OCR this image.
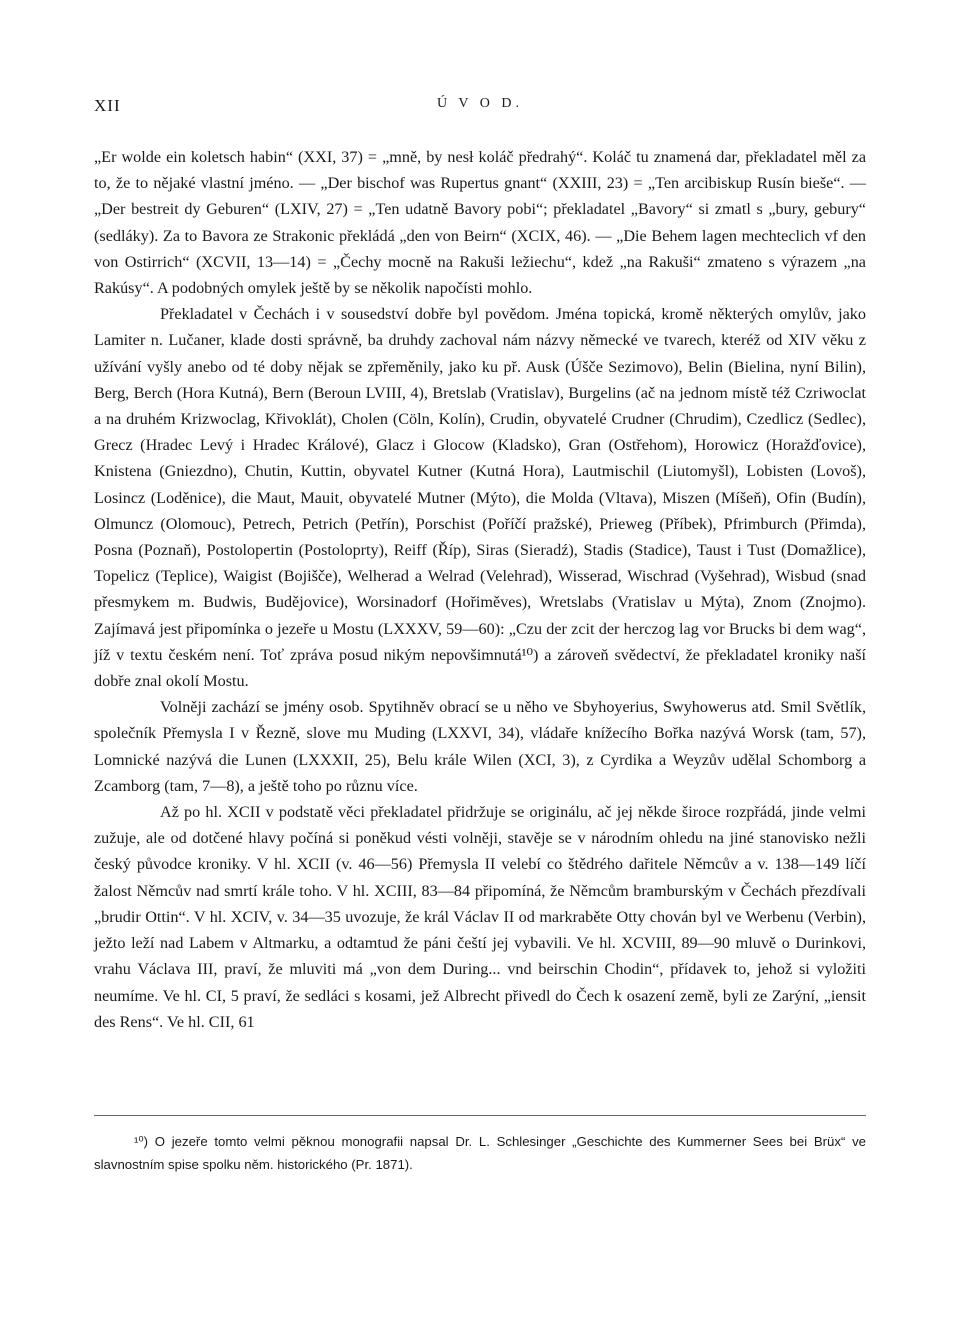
XII	Ú V O D.

„Er wolde ein koletsch habin“ (XXI, 37) = „mně, by nesł koláč předrahý“. Koláč tu znamená dar, překladatel měl za to, že to nějaké vlastní jméno. — „Der bischof was Rupertus gnant“ (XXIII, 23) = „Ten arcibiskup Rusín bieše“. — „Der bestreit dy Geburen“ (LXIV, 27) = „Ten udatně Bavory pobi“; překladatel „Bavory“ si zmatl s „bury, gebury“ (sedláky). Za to Bavora ze Strakonic překládá „den von Beirn“ (XCIX, 46). — „Die Behem lagen mechteclich vf den von Ostirrich“ (XCVII, 13—14) = „Čechy mocně na Rakuši ležiechu“, kdež „na Rakuši“ zmateno s výrazem „na Rakúsy“. A podobných omylek ještě by se několik napočísti mohlo.

Překladatel v Čechách i v sousedství dobře byl povědom. Jména topická, kromě některých omylův, jako Lamiter n. Lučaner, klade dosti správně, ba druhdy zachoval nám názvy německé ve tvarech, kteréž od XIV věku z užívání vyšly anebo od té doby nějak se zpřeměnily, jako ku př. Ausk (Úšče Sezimovo), Belin (Bielina, nyní Bilin), Berg, Berch (Hora Kutná), Bern (Beroun LVIII, 4), Bretslab (Vratislav), Burgelins (ač na jednom místě též Czriwoclat a na druhém Krizwoclag, Křivoklát), Cholen (Cöln, Kolín), Crudin, obyvatelé Crudner (Chrudim), Czedlicz (Sedlec), Grecz (Hradec Levý i Hradec Králové), Glacz i Glocow (Kladsko), Gran (Ostřehom), Horowicz (Horažďovice), Knistena (Gniezdno), Chutin, Kuttin, obyvatel Kutner (Kutná Hora), Lautmischil (Liutomyšl), Lobisten (Lovoš), Losincz (Loděnice), die Maut, Mauit, obyvatelé Mutner (Mýto), die Molda (Vltava), Miszen (Míšeň), Ofin (Budín), Olmuncz (Olomouc), Petrech, Petrich (Petřín), Porschist (Poříčí pražské), Prieweg (Příbek), Pfrimburch (Přimda), Posna (Poznaň), Postolopertin (Postoloprty), Reiff (Říp), Siras (Sieradź), Stadis (Stadice), Taust i Tust (Domažlice), Topelicz (Teplice), Waigist (Bojišče), Welherad a Welrad (Velehrad), Wisserad, Wischrad (Vyšehrad), Wisbud (snad přesmykem m. Budwis, Budějovice), Worsinadorf (Hořiměves), Wretslabs (Vratislav u Mýta), Znom (Znojmo). Zajímavá jest připomínka o jezeře u Mostu (LXXXV, 59—60): „Czu der zcit der herczog lag vor Brucks bi dem wag“, jíž v textu českém není. Toť zpráva posud nikým nepovšimnutá¹⁰) a zároveň svědectví, že překladatel kroniky naší dobře znal okolí Mostu.

Volněji zachází se jmény osob. Spytihněv obrací se u něho ve Sbyhoyerius, Swyhowerus atd. Smil Světlík, společník Přemysla I v Řezně, slove mu Muding (LXXVI, 34), vládaře knížecího Bořka nazývá Worsk (tam, 57), Lomnické nazývá die Lunen (LXXXII, 25), Belu krále Wilen (XCI, 3), z Cyrdika a Weyzův udělal Schomborg a Zcamborg (tam, 7—8), a ještě toho po různu více.

Až po hl. XCII v podstatě věci překladatel přidržuje se originálu, ač jej někde široce rozpřádá, jinde velmi zužuje, ale od dotčené hlavy počíná si poněkud vésti volněji, stavěje se v národním ohledu na jiné stanovisko nežli český původce kroniky. V hl. XCII (v. 46—56) Přemysla II velebí co štědrého dařitele Němcův a v. 138—149 líčí žalost Němcův nad smrtí krále toho. V hl. XCIII, 83—84 připomíná, že Němcům bramburským v Čechách přezdívali „brudir Ottin“. V hl. XCIV, v. 34—35 uvozuje, že král Václav II od markraběte Otty chován byl ve Werbenu (Verbin), ježto leží nad Labem v Altmarku, a odtamtud že páni čeští jej vybavili. Ve hl. XCVIII, 89—90 mluvě o Durinkovi, vrahu Václava III, praví, že mluviti má „von dem During... vnd beirschin Chodin“, přídavek to, jehož si vyložiti neumíme. Ve hl. CI, 5 praví, že sedláci s kosami, jež Albrecht přivedl do Čech k osazení země, byli ze Zarýní, „iensit des Rens“. Ve hl. CII, 61

¹⁰) O jezeře tomto velmi pěknou monografii napsal Dr. L. Schlesinger „Geschichte des Kummerner Sees bei Brüx“ ve slavnostním spise spolku něm. historického (Pr. 1871).
